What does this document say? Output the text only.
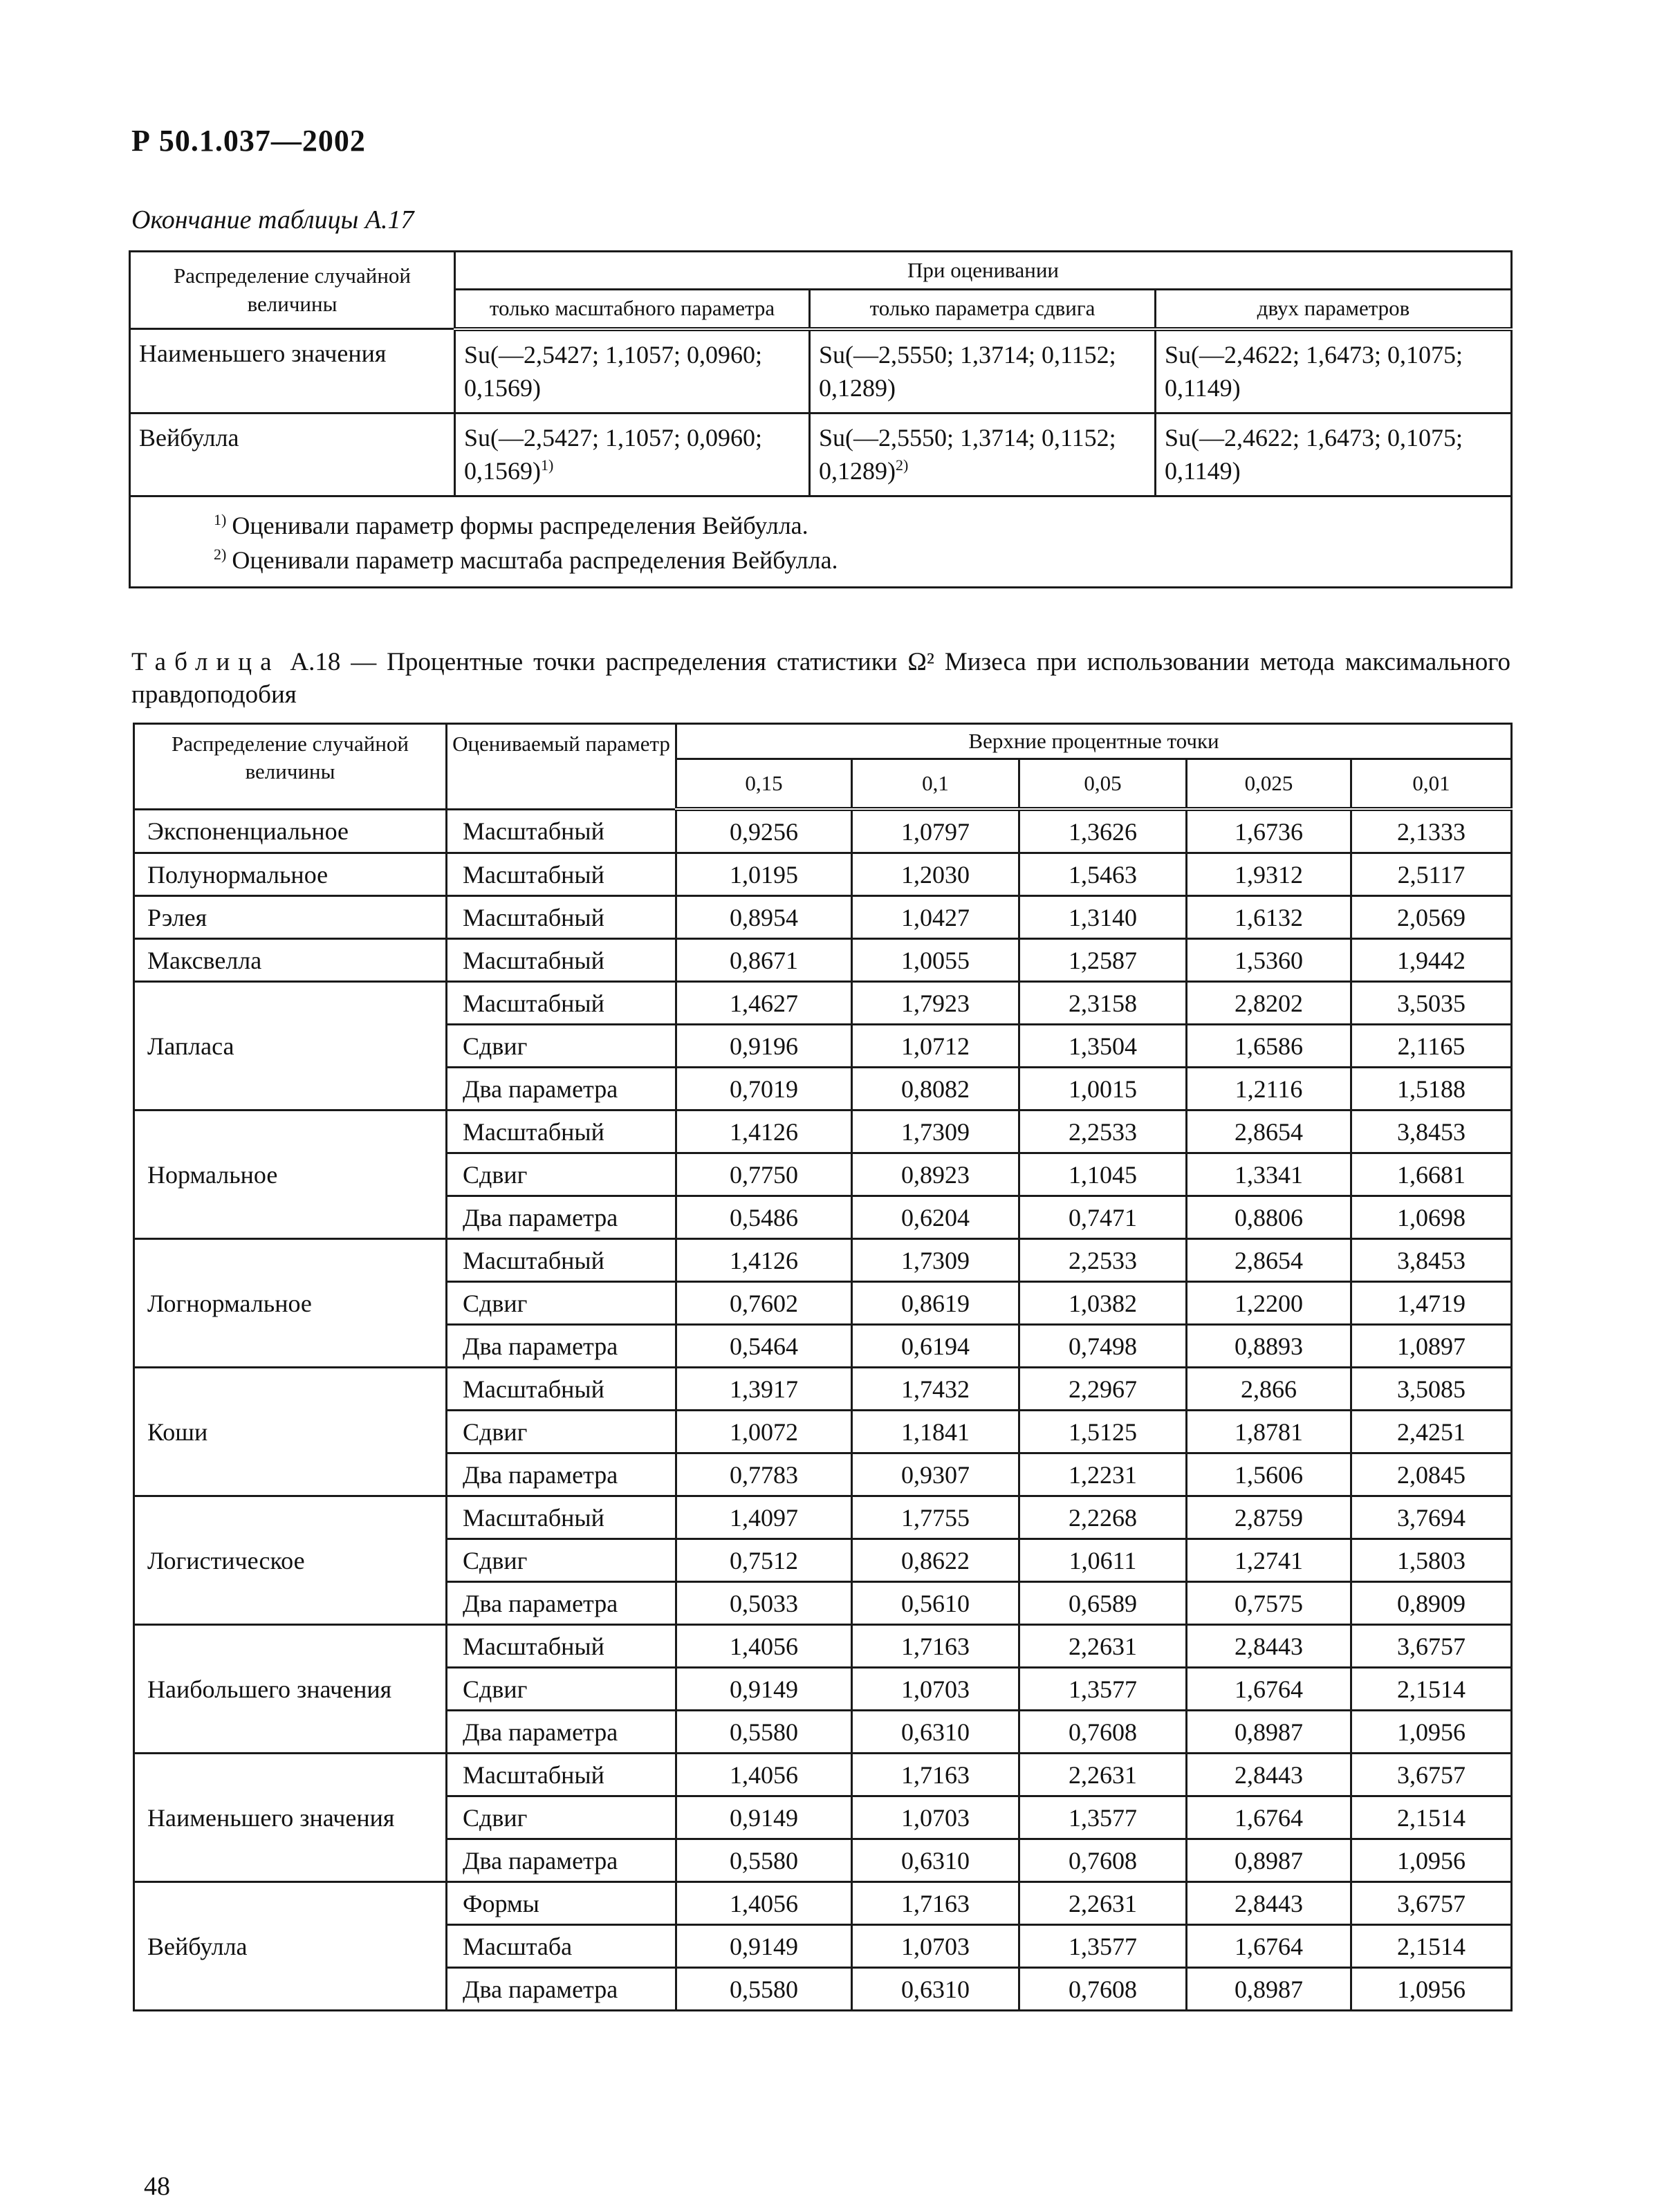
Р 50.1.037—2002
Окончание таблицы А.17
Распределение случайной величины	При оценивании		
	только масштабного параметра	только параметра сдвига	двух параметров
Наименьшего значения	Su(—2,5427; 1,1057; 0,0960; 0,1569)	Su(—2,5550; 1,3714; 0,1152; 0,1289)	Su(—2,4622; 1,6473; 0,1075; 0,1149)
Вейбулла	Su(—2,5427; 1,1057; 0,0960; 0,1569)$^{1)}$	Su(—2,5550; 1,3714; 0,1152; 0,1289)$^{2)}$	Su(—2,4622; 1,6473; 0,1075; 0,1149)

$^{1)}$ Оценивали параметр формы распределения Вейбулла.
$^{2)}$ Оценивали параметр масштаба распределения Вейбулла.			
Таблица А.18 — Процентные точки распределения статистики Ω² Мизеса при использовании метода максимального правдоподобия
Распределение случайной величины	Оцениваемый параметр	Верхние процентные точки				
		0,15	0,1	0,05	0,025	0,01
Экспоненциальное	Масштабный	0,9256	1,0797	1,3626	1,6736	2,1333
Полунормальное	Масштабный	1,0195	1,2030	1,5463	1,9312	2,5117
Рэлея	Масштабный	0,8954	1,0427	1,3140	1,6132	2,0569
Максвелла	Масштабный	0,8671	1,0055	1,2587	1,5360	1,9442
Лапласа	Масштабный	1,4627	1,7923	2,3158	2,8202	3,5035
	Сдвиг	0,9196	1,0712	1,3504	1,6586	2,1165
	Два параметра	0,7019	0,8082	1,0015	1,2116	1,5188
Нормальное	Масштабный	1,4126	1,7309	2,2533	2,8654	3,8453
	Сдвиг	0,7750	0,8923	1,1045	1,3341	1,6681
	Два параметра	0,5486	0,6204	0,7471	0,8806	1,0698
Логнормальное	Масштабный	1,4126	1,7309	2,2533	2,8654	3,8453
	Сдвиг	0,7602	0,8619	1,0382	1,2200	1,4719
	Два параметра	0,5464	0,6194	0,7498	0,8893	1,0897
Коши	Масштабный	1,3917	1,7432	2,2967	2,866	3,5085
	Сдвиг	1,0072	1,1841	1,5125	1,8781	2,4251
	Два параметра	0,7783	0,9307	1,2231	1,5606	2,0845
Логистическое	Масштабный	1,4097	1,7755	2,2268	2,8759	3,7694
	Сдвиг	0,7512	0,8622	1,0611	1,2741	1,5803
	Два параметра	0,5033	0,5610	0,6589	0,7575	0,8909
Наибольшего значения	Масштабный	1,4056	1,7163	2,2631	2,8443	3,6757
	Сдвиг	0,9149	1,0703	1,3577	1,6764	2,1514
	Два параметра	0,5580	0,6310	0,7608	0,8987	1,0956
Наименьшего значения	Масштабный	1,4056	1,7163	2,2631	2,8443	3,6757
	Сдвиг	0,9149	1,0703	1,3577	1,6764	2,1514
	Два параметра	0,5580	0,6310	0,7608	0,8987	1,0956
Вейбулла	Формы	1,4056	1,7163	2,2631	2,8443	3,6757
	Масштаба	0,9149	1,0703	1,3577	1,6764	2,1514
	Два параметра	0,5580	0,6310	0,7608	0,8987	1,0956
48
